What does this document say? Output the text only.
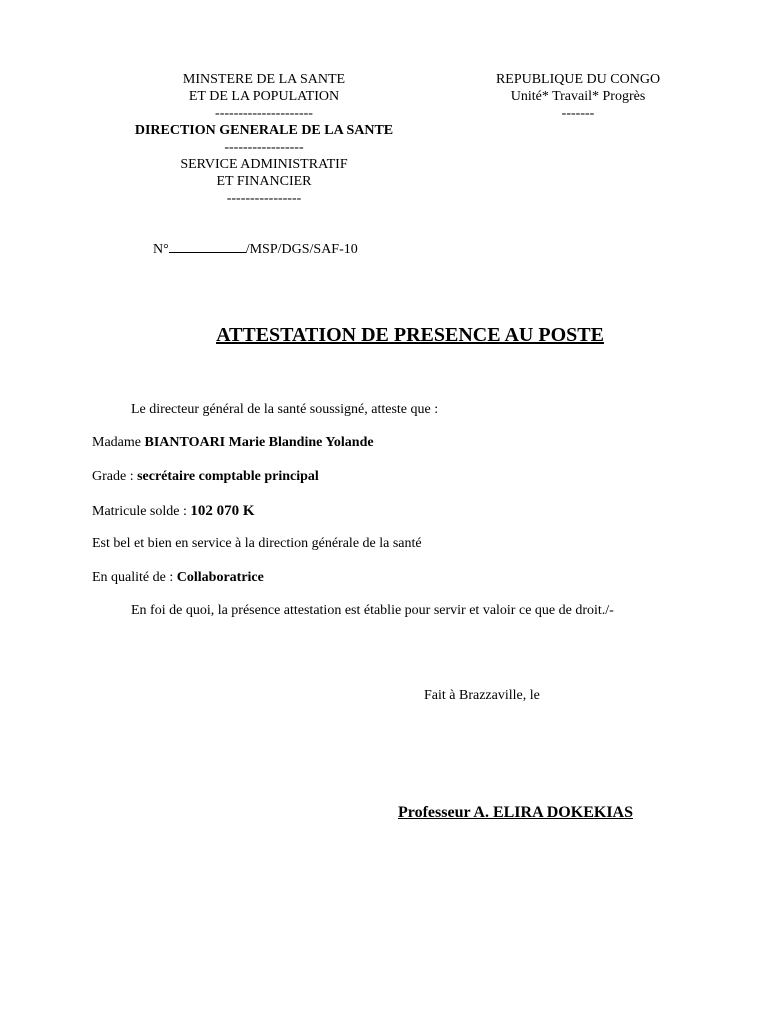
MINSTERE DE LA SANTE
ET DE LA POPULATION
---------------------
DIRECTION GENERALE DE LA SANTE
-----------------
SERVICE ADMINISTRATIF
ET FINANCIER
----------------
REPUBLIQUE DU CONGO
Unité* Travail* Progrès
-------
N°	/MSP/DGS/SAF-10
ATTESTATION DE PRESENCE AU POSTE
Le directeur général de la santé soussigné, atteste que :
Madame BIANTOARI Marie Blandine Yolande
Grade : secrétaire comptable principal
Matricule solde : 102 070 K
Est bel et bien en service à la direction générale de la santé
En qualité de : Collaboratrice
En foi de quoi, la présence attestation est établie pour servir et valoir ce que de droit./-
Fait à Brazzaville, le
Professeur A. ELIRA DOKEKIAS
